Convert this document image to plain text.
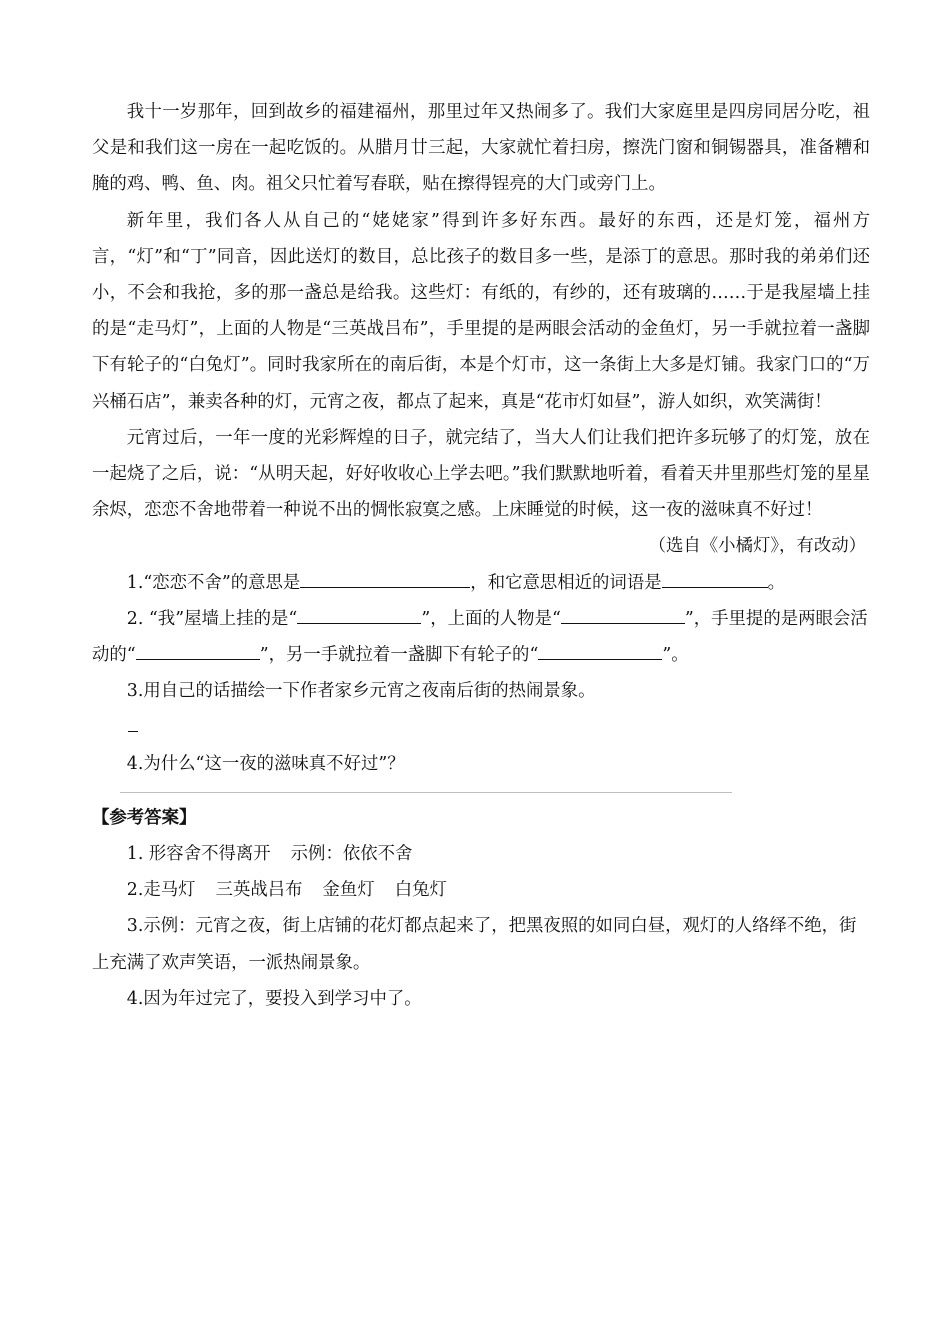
我十一岁那年，回到故乡的福建福州，那里过年又热闹多了。我们大家庭里是四房同居分吃，祖父是和我们这一房在一起吃饭的。从腊月廿三起，大家就忙着扫房，擦洗门窗和铜锡器具，准备糟和腌的鸡、鸭、鱼、肉。祖父只忙着写春联，贴在擦得锃亮的大门或旁门上。

新年里，我们各人从自己的“姥姥家”得到许多好东西。最好的东西，还是灯笼，福州方言，“灯”和“丁”同音，因此送灯的数目，总比孩子的数目多一些，是添丁的意思。那时我的弟弟们还小，不会和我抢，多的那一盏总是给我。这些灯：有纸的，有纱的，还有玻璃的……于是我屋墙上挂的是“走马灯”，上面的人物是“三英战吕布”，手里提的是两眼会活动的金鱼灯，另一手就拉着一盏脚下有轮子的“白兔灯”。同时我家所在的南后街，本是个灯市，这一条街上大多是灯铺。我家门口的“万兴桶石店”，兼卖各种的灯，元宵之夜，都点了起来，真是“花市灯如昼”，游人如织，欢笑满街！

元宵过后，一年一度的光彩辉煌的日子，就完结了，当大人们让我们把许多玩够了的灯笼，放在一起烧了之后，说：“从明天起，好好收收心上学去吧。”我们默默地听着，看着天井里那些灯笼的星星余烬，恋恋不舍地带着一种说不出的惆怅寂寞之感。上床睡觉的时候，这一夜的滋味真不好过！

（选自《小橘灯》，有改动）

1.“恋恋不舍”的意思是	，和它意思相近的词语是	。

2. “我”屋墙上挂的是“	”，上面的人物是“	”，手里提的是两眼会活动的“	”，另一手就拉着一盏脚下有轮子的“	”。

3.用自己的话描绘一下作者家乡元宵之夜南后街的热闹景象。

4.为什么“这一夜的滋味真不好过”？

【参考答案】

1. 形容舍不得离开 示例：依依不舍

2.走马灯 三英战吕布 金鱼灯 白兔灯

3.示例：元宵之夜，街上店铺的花灯都点起来了，把黑夜照的如同白昼，观灯的人络绎不绝，街上充满了欢声笑语，一派热闹景象。

4.因为年过完了，要投入到学习中了。
